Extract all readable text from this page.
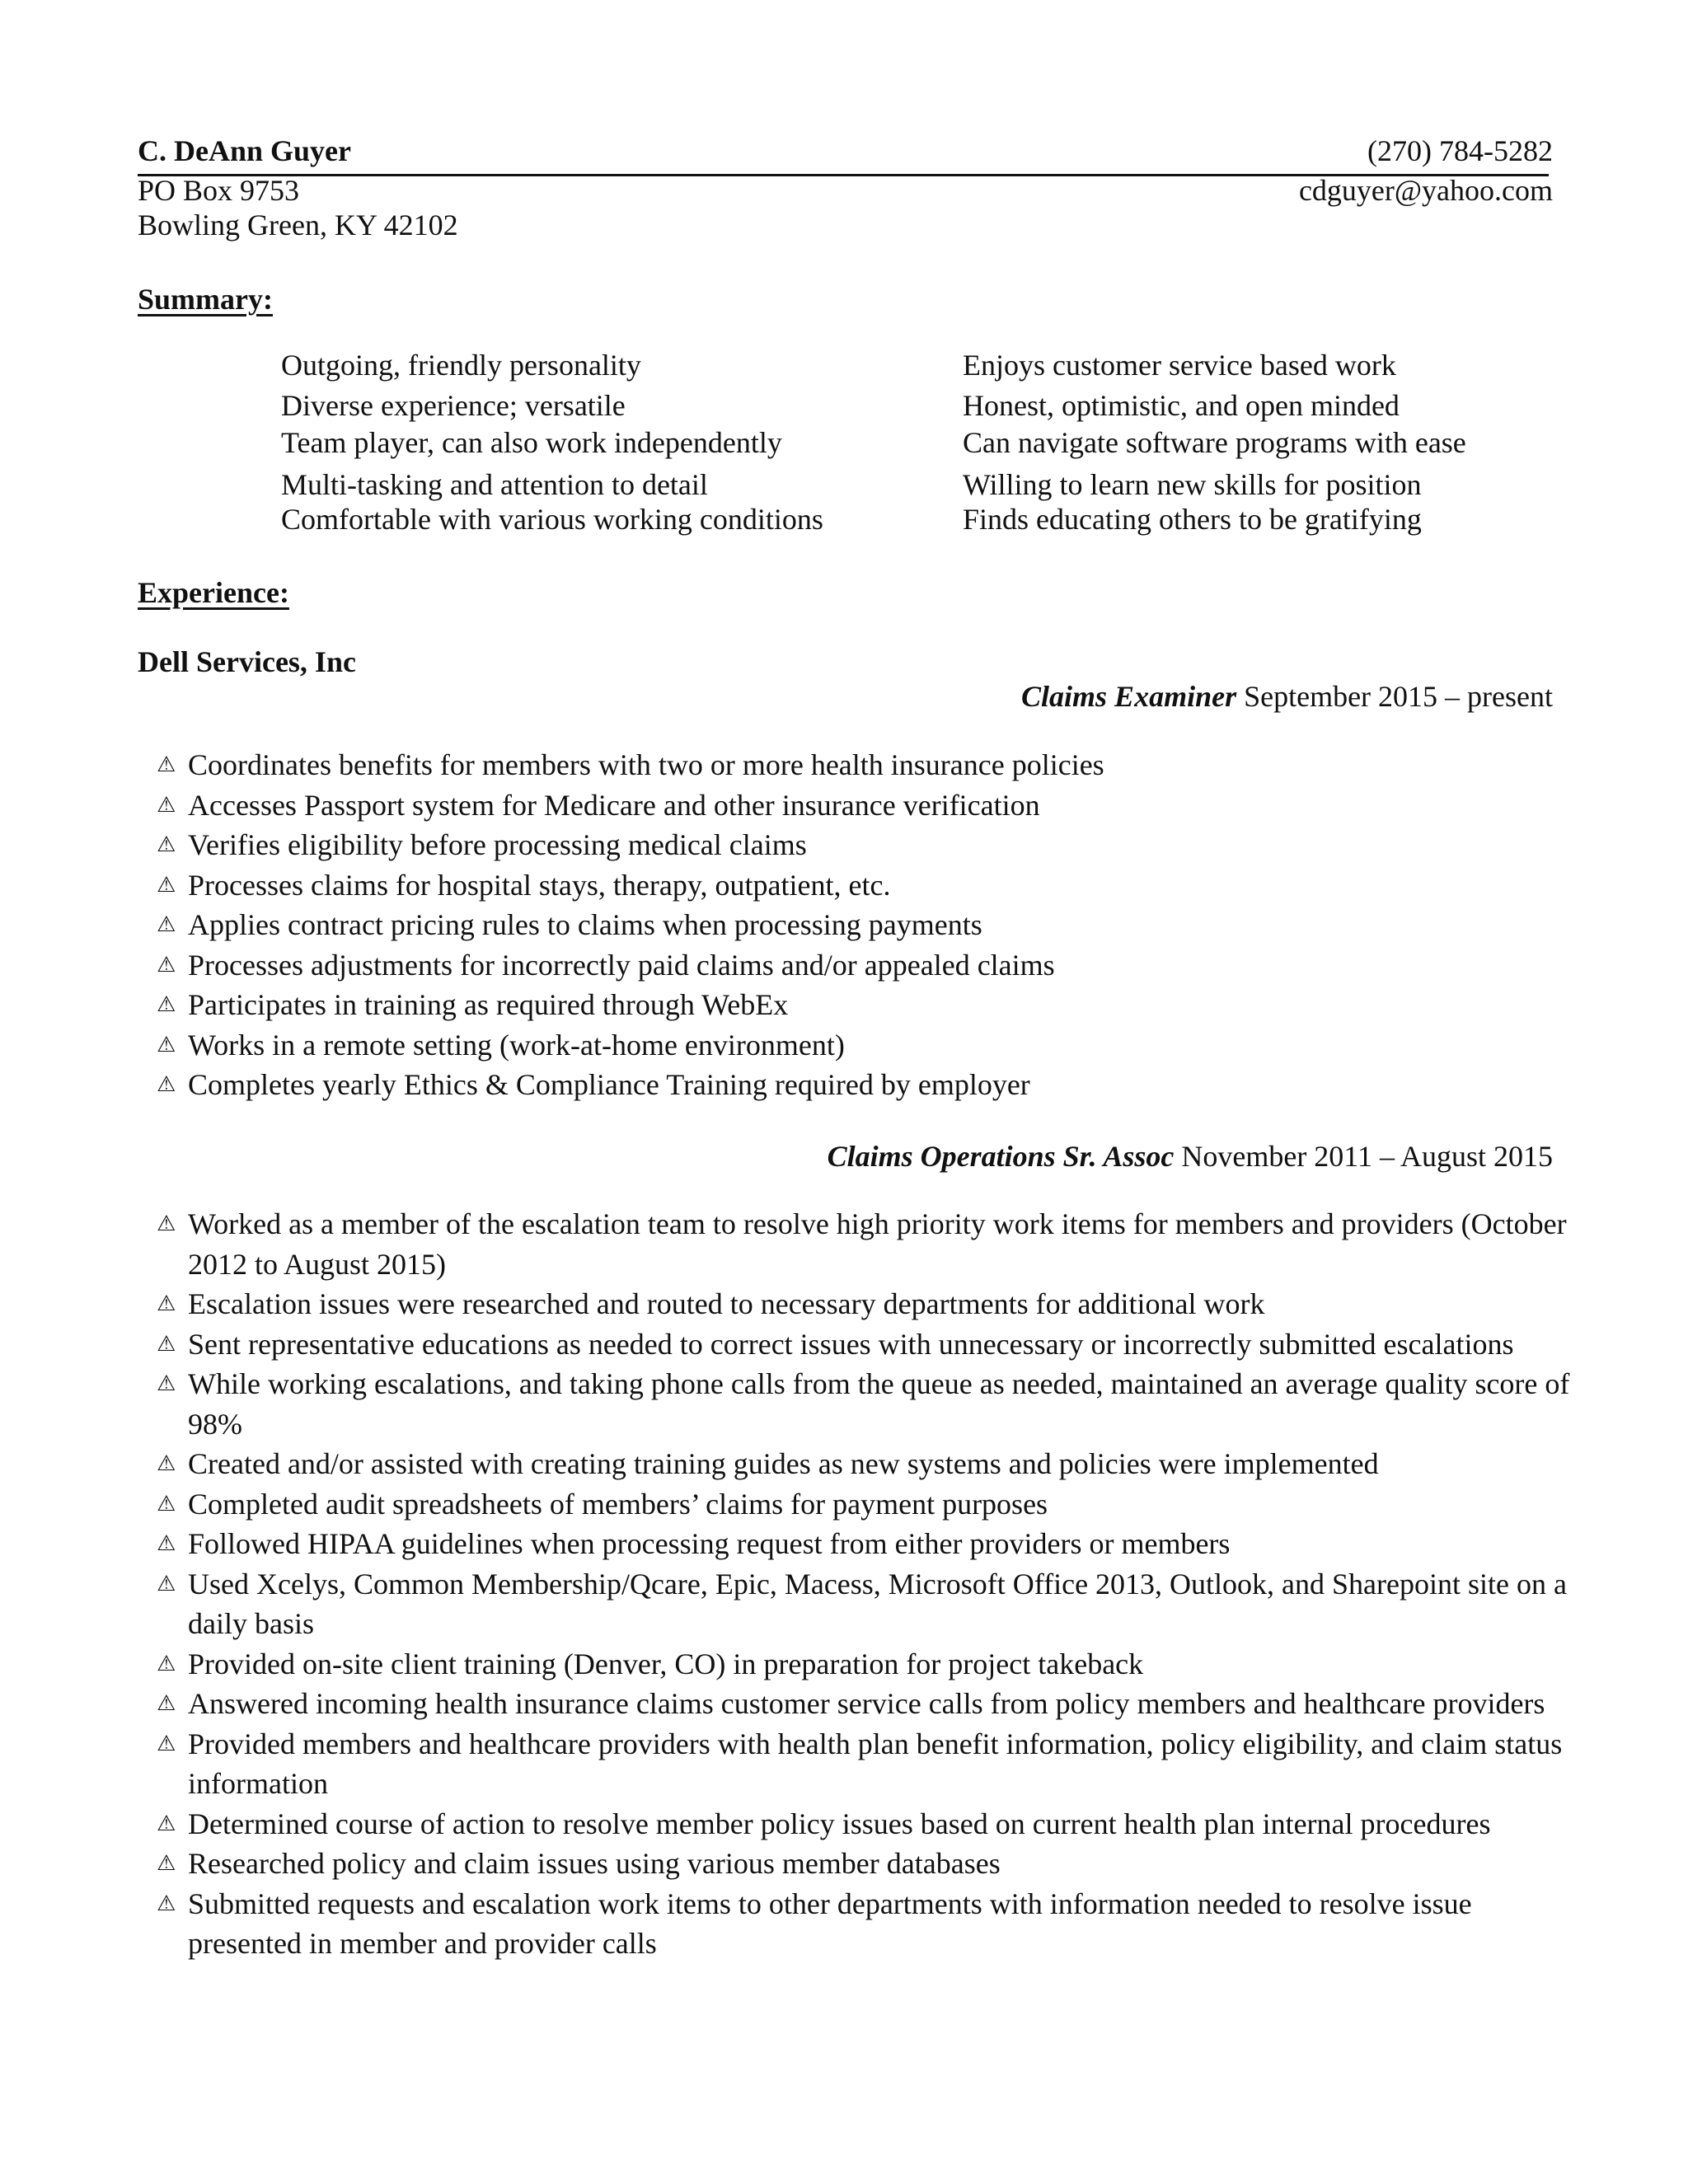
C. DeAnn Guyer	(270) 784-5282
PO Box 9753	cdguyer@yahoo.com
Bowling Green, KY 42102
Summary:
Outgoing, friendly personality
Diverse experience; versatile
Team player, can also work independently
Multi-tasking and attention to detail
Comfortable with various working conditions
Enjoys customer service based work
Honest, optimistic, and open minded
Can navigate software programs with ease
Willing to learn new skills for position
Finds educating others to be gratifying
Experience:
Dell Services, Inc
Claims Examiner September 2015 – present
⚠ Coordinates benefits for members with two or more health insurance policies
⚠ Accesses Passport system for Medicare and other insurance verification
⚠ Verifies eligibility before processing medical claims
⚠ Processes claims for hospital stays, therapy, outpatient, etc.
⚠ Applies contract pricing rules to claims when processing payments
⚠ Processes adjustments for incorrectly paid claims and/or appealed claims
⚠ Participates in training as required through WebEx
⚠ Works in a remote setting (work-at-home environment)
⚠ Completes yearly Ethics & Compliance Training required by employer
Claims Operations Sr. Assoc November 2011 – August 2015
⚠ Worked as a member of the escalation team to resolve high priority work items for members and providers (October 2012 to August 2015)
⚠ Escalation issues were researched and routed to necessary departments for additional work
⚠ Sent representative educations as needed to correct issues with unnecessary or incorrectly submitted escalations
⚠ While working escalations, and taking phone calls from the queue as needed, maintained an average quality score of 98%
⚠ Created and/or assisted with creating training guides as new systems and policies were implemented
⚠ Completed audit spreadsheets of members’ claims for payment purposes
⚠ Followed HIPAA guidelines when processing request from either providers or members
⚠ Used Xcelys, Common Membership/Qcare, Epic, Macess, Microsoft Office 2013, Outlook, and Sharepoint site on a daily basis
⚠ Provided on-site client training (Denver, CO) in preparation for project takeback
⚠ Answered incoming health insurance claims customer service calls from policy members and healthcare providers
⚠ Provided members and healthcare providers with health plan benefit information, policy eligibility, and claim status information
⚠ Determined course of action to resolve member policy issues based on current health plan internal procedures
⚠ Researched policy and claim issues using various member databases
⚠ Submitted requests and escalation work items to other departments with information needed to resolve issue presented in member and provider calls
